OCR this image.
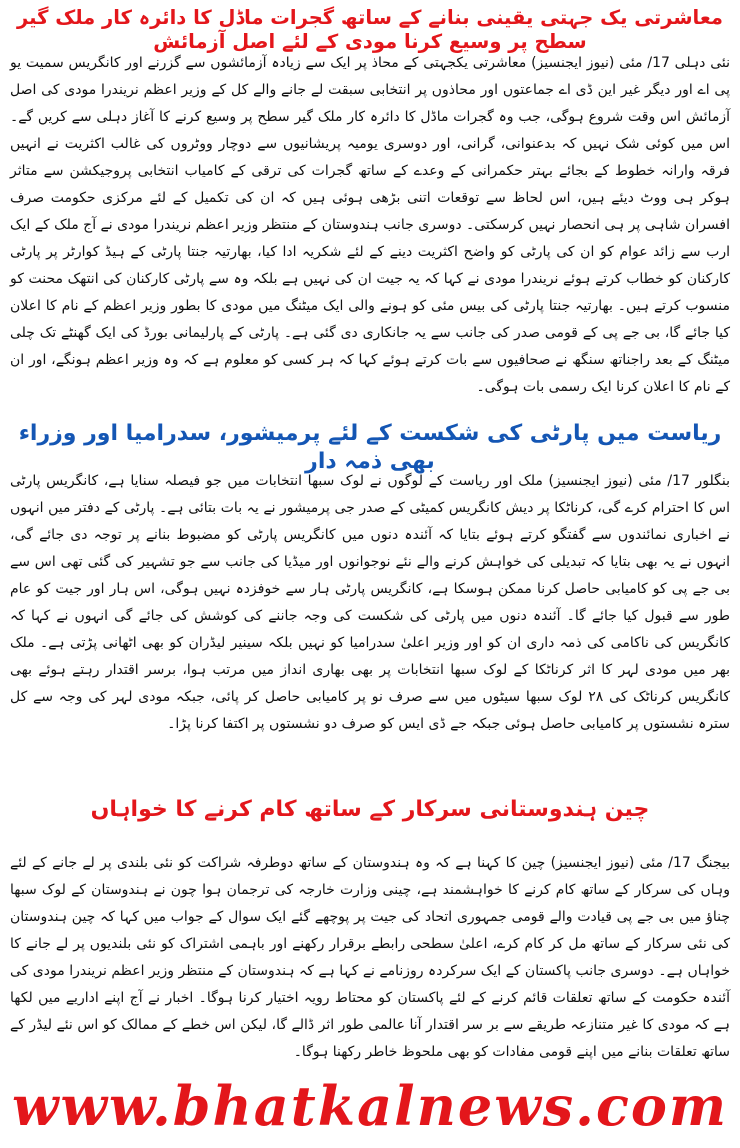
معاشرتی یک جہتی یقینی بنانے کے ساتھ گجرات ماڈل کا دائرہ کار ملک گیر سطح پر وسیع کرنا مودی کے لئے اصل آزمائش
نئی دہلی 17/ مئی (نیوز ایجنسیز) معاشرتی یکجہتی کے محاذ پر ایک سے زیادہ آزمائشوں سے گزرنے اور کانگریس سمیت یو پی اے اور دیگر غیر این ڈی اے جماعتوں اور محاذوں پر انتخابی سبقت لے جانے والے کل کے وزیر اعظم نریندرا مودی کی اصل آزمائش اس وقت شروع ہوگی، جب وہ گجرات ماڈل کا دائرہ کار ملک گیر سطح پر وسیع کرنے کا آغاز دہلی سے کریں گے۔ اس میں کوئی شک نہیں کہ بدعنوانی، گرانی، اور دوسری یومیہ پریشانیوں سے دوچار ووٹروں کی غالب اکثریت نے انہیں فرقہ وارانہ خطوط کے بجائے بہتر حکمرانی کے وعدے کے ساتھ گجرات کی ترقی کے کامیاب انتخابی پروجیکشن سے متاثر ہوکر ہی ووٹ دیئے ہیں، اس لحاظ سے توقعات اتنی بڑھی ہوئی ہیں کہ ان کی تکمیل کے لئے مرکزی حکومت صرف افسران شاہی پر ہی انحصار نہیں کرسکتی۔ دوسری جانب ہندوستان کے منتظر وزیر اعظم نریندرا مودی نے آج ملک کے ایک ارب سے زائد عوام کو ان کی پارٹی کو واضح اکثریت دینے کے لئے شکریہ ادا کیا، بھارتیہ جنتا پارٹی کے ہیڈ کوارٹر پر پارٹی کارکنان کو خطاب کرتے ہوئے نریندرا مودی نے کہا کہ یہ جیت ان کی نہیں ہے بلکہ وہ سے پارٹی کارکنان کی انتھک محنت کو منسوب کرتے ہیں۔ بھارتیہ جنتا پارٹی کی بیس مئی کو ہونے والی ایک میٹنگ میں مودی کا بطور وزیر اعظم کے نام کا اعلان کیا جائے گا، بی جے پی کے قومی صدر کی جانب سے یہ جانکاری دی گئی ہے۔ پارٹی کے پارلیمانی بورڈ کی ایک گھنٹے تک چلی میٹنگ کے بعد راجناتھ سنگھ نے صحافیوں سے بات کرتے ہوئے کہا کہ ہر کسی کو معلوم ہے کہ وہ وزیر اعظم ہونگے، اور ان کے نام کا اعلان کرنا ایک رسمی بات ہوگی۔
ریاست میں پارٹی کی شکست کے لئے پرمیشور، سدرامیا اور وزراء بھی ذمہ دار
بنگلور 17/ مئی (نیوز ایجنسیز) ملک اور ریاست کے لوگوں نے لوک سبھا انتخابات میں جو فیصلہ سنایا ہے، کانگریس پارٹی اس کا احترام کرے گی، کرناٹکا پر دیش کانگریس کمیٹی کے صدر جی پرمیشور نے یہ بات بتائی ہے۔ پارٹی کے دفتر میں انہوں نے اخباری نمائندوں سے گفتگو کرتے ہوئے بتایا کہ آئندہ دنوں میں کانگریس پارٹی کو مضبوط بنانے پر توجہ دی جائے گی، انہوں نے یہ بھی بتایا کہ تبدیلی کی خواہش کرنے والے نئے نوجوانوں اور میڈیا کی جانب سے جو تشہیر کی گئی تھی اس سے بی جے پی کو کامیابی حاصل کرنا ممکن ہوسکا ہے، کانگریس پارٹی ہار سے خوفزدہ نہیں ہوگی، اس ہار اور جیت کو عام طور سے قبول کیا جائے گا۔ آئندہ دنوں میں پارٹی کی شکست کی وجہ جاننے کی کوشش کی جائے گی انہوں نے کہا کہ کانگریس کی ناکامی کی ذمہ داری ان کو اور وزیر اعلیٰ سدرامیا کو نہیں بلکہ سینیر لیڈران کو بھی اٹھانی پڑتی ہے۔ ملک بھر میں مودی لہر کا اثر کرناٹکا کے لوک سبھا انتخابات پر بھی بھاری انداز میں مرتب ہوا، برسر اقتدار رہتے ہوئے بھی کانگریس کرناٹک کی ۲۸ لوک سبھا سیٹوں میں سے صرف نو پر کامیابی حاصل کر پائی، جبکہ مودی لہر کی وجہ سے کل سترہ نشستوں پر کامیابی حاصل ہوئی جبکہ جے ڈی ایس کو صرف دو نشستوں پر اکتفا کرنا پڑا۔
چین ہندوستانی سرکار کے ساتھ کام کرنے کا خواہاں
بیجنگ 17/ مئی (نیوز ایجنسیز) چین کا کہنا ہے کہ وہ ہندوستان کے ساتھ دوطرفہ شراکت کو نئی بلندی پر لے جانے کے لئے وہاں کی سرکار کے ساتھ کام کرنے کا خواہشمند ہے، چینی وزارت خارجہ کی ترجمان ہوا چون نے ہندوستان کے لوک سبھا چناؤ میں بی جے پی قیادت والے قومی جمہوری اتحاد کی جیت پر پوچھے گئے ایک سوال کے جواب میں کہا کہ چین ہندوستان کی نئی سرکار کے ساتھ مل کر کام کرے، اعلیٰ سطحی رابطے برقرار رکھنے اور باہمی اشتراک کو نئی بلندیوں پر لے جانے کا خواہاں ہے۔ دوسری جانب پاکستان کے ایک سرکردہ روزنامے نے کہا ہے کہ ہندوستان کے منتظر وزیر اعظم نریندرا مودی کی آئندہ حکومت کے ساتھ تعلقات قائم کرنے کے لئے پاکستان کو محتاط رویہ اختیار کرنا ہوگا۔ اخبار نے آج اپنے اداریے میں لکھا ہے کہ مودی کا غیر متنازعہ طریقے سے بر سر اقتدار آنا عالمی طور اثر ڈالے گا، لیکن اس خطے کے ممالک کو اس نئے لیڈر کے ساتھ تعلقات بنانے میں اپنے قومی مفادات کو بھی ملحوظ خاطر رکھنا ہوگا۔
www.bhatkalnews.com
